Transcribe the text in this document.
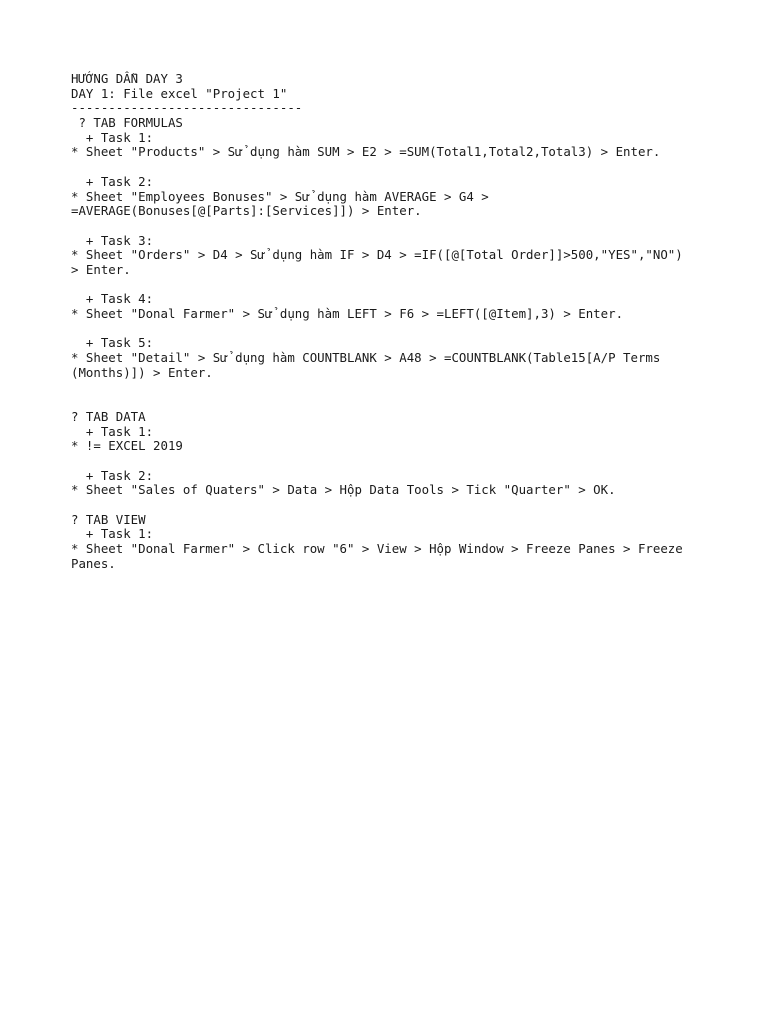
HƯỚNG DẪN DAY 3
DAY 1: File excel "Project 1"
-------------------------------
? TAB FORMULAS
+ Task 1:
* Sheet "Products" > Sử dụng hàm SUM > E2 > =SUM(Total1,Total2,Total3) > Enter.
+ Task 2:
* Sheet "Employees Bonuses" > Sử dụng hàm AVERAGE > G4 >
=AVERAGE(Bonuses[@[Parts]:[Services]]) > Enter.
+ Task 3:
* Sheet "Orders" > D4 > Sử dụng hàm IF > D4 > =IF([@[Total Order]]>500,"YES","NO")
> Enter.
+ Task 4:
* Sheet "Donal Farmer" > Sử dụng hàm LEFT > F6 > =LEFT([@Item],3) > Enter.
+ Task 5:
* Sheet "Detail" > Sử dụng hàm COUNTBLANK > A48 > =COUNTBLANK(Table15[A/P Terms
(Months)]) > Enter.
? TAB DATA
+ Task 1:
* != EXCEL 2019
+ Task 2:
* Sheet "Sales of Quaters" > Data > Hộp Data Tools > Tick "Quarter" > OK.
? TAB VIEW
+ Task 1:
* Sheet "Donal Farmer" > Click row "6" > View > Hộp Window > Freeze Panes > Freeze
Panes.
